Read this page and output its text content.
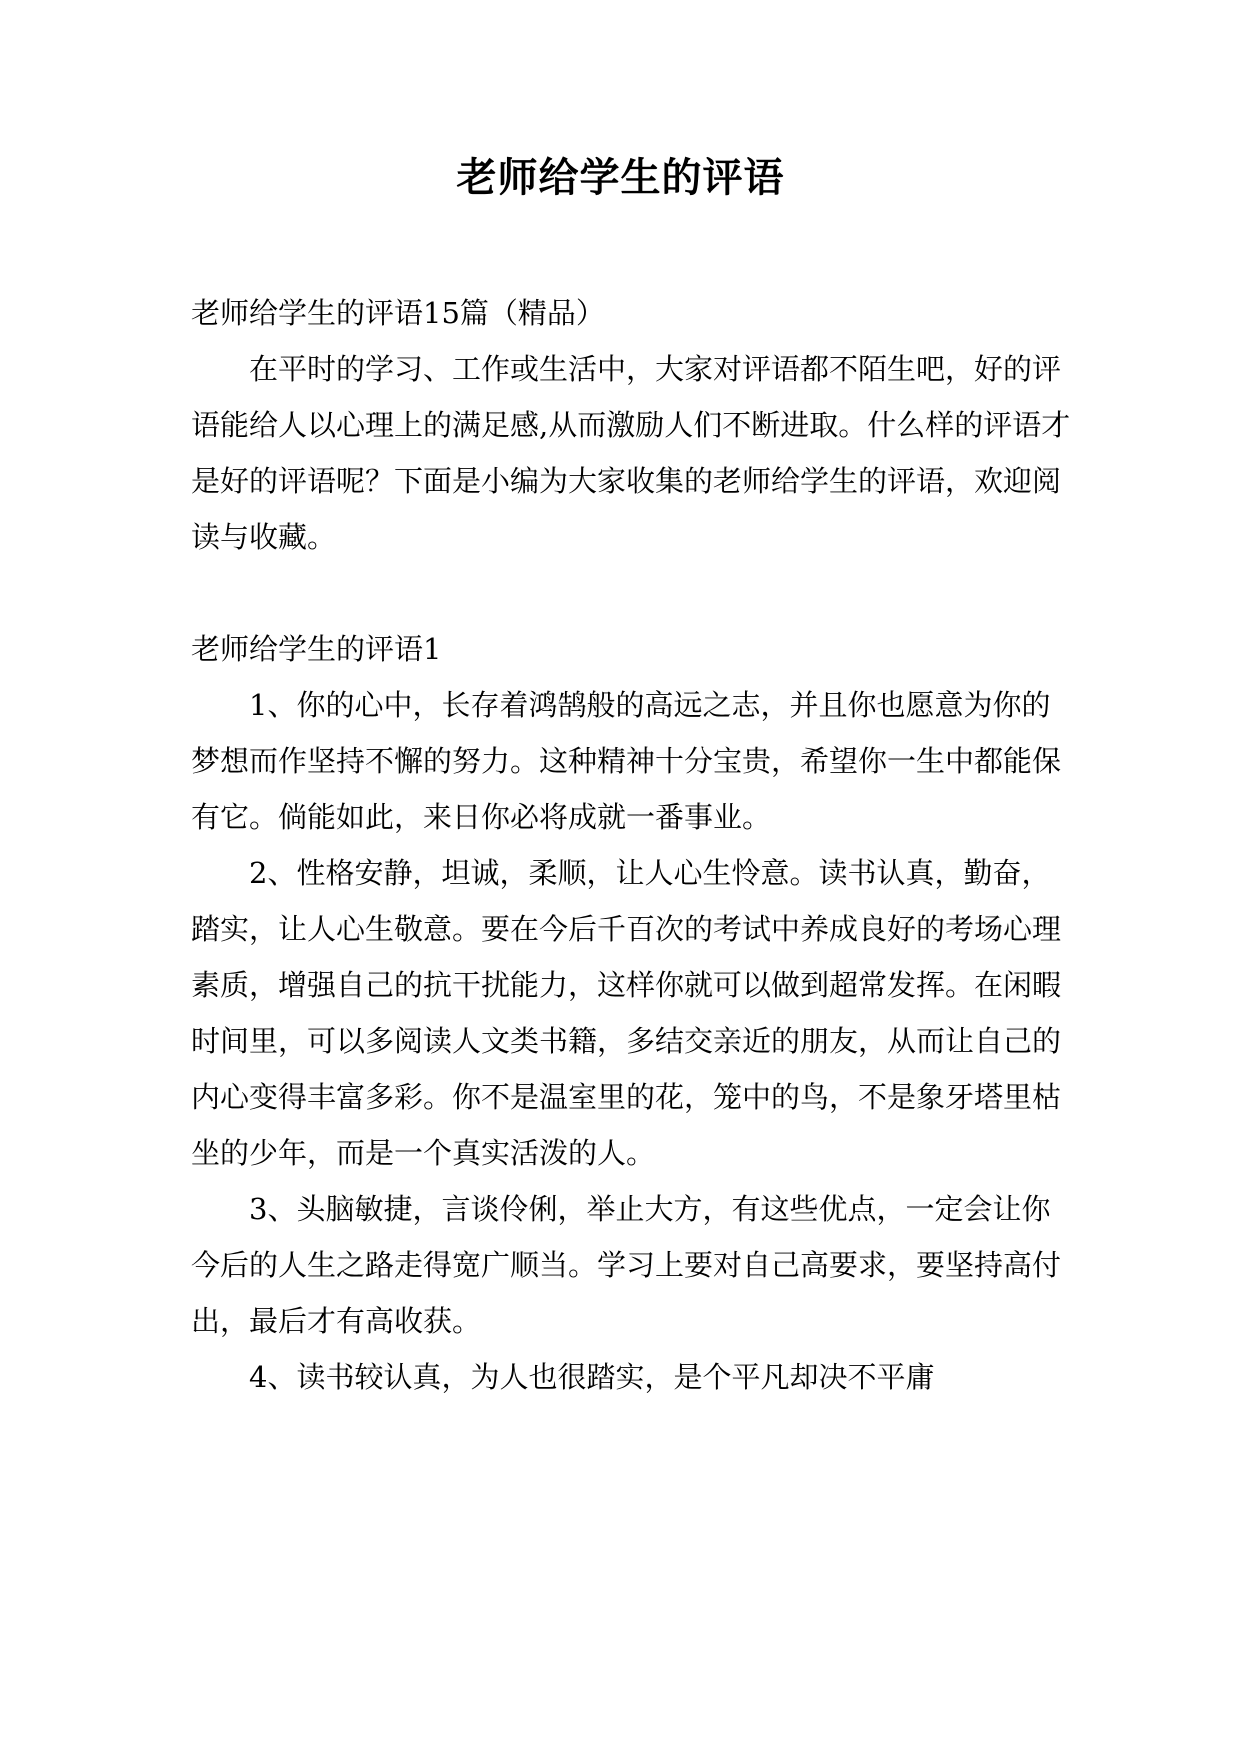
老师给学生的评语

老师给学生的评语15篇（精品）

在平时的学习、工作或生活中，大家对评语都不陌生吧，好的评语能给人以心理上的满足感,从而激励人们不断进取。什么样的评语才是好的评语呢？下面是小编为大家收集的老师给学生的评语，欢迎阅读与收藏。

老师给学生的评语1

1、你的心中，长存着鸿鹄般的高远之志，并且你也愿意为你的梦想而作坚持不懈的努力。这种精神十分宝贵，希望你一生中都能保有它。倘能如此，来日你必将成就一番事业。

2、性格安静，坦诚，柔顺，让人心生怜意。读书认真，勤奋，踏实，让人心生敬意。要在今后千百次的考试中养成良好的考场心理素质，增强自己的抗干扰能力，这样你就可以做到超常发挥。在闲暇时间里，可以多阅读人文类书籍，多结交亲近的朋友，从而让自己的内心变得丰富多彩。你不是温室里的花，笼中的鸟，不是象牙塔里枯坐的少年，而是一个真实活泼的人。

3、头脑敏捷，言谈伶俐，举止大方，有这些优点，一定会让你今后的人生之路走得宽广顺当。学习上要对自己高要求，要坚持高付出，最后才有高收获。

4、读书较认真，为人也很踏实，是个平凡却决不平庸
